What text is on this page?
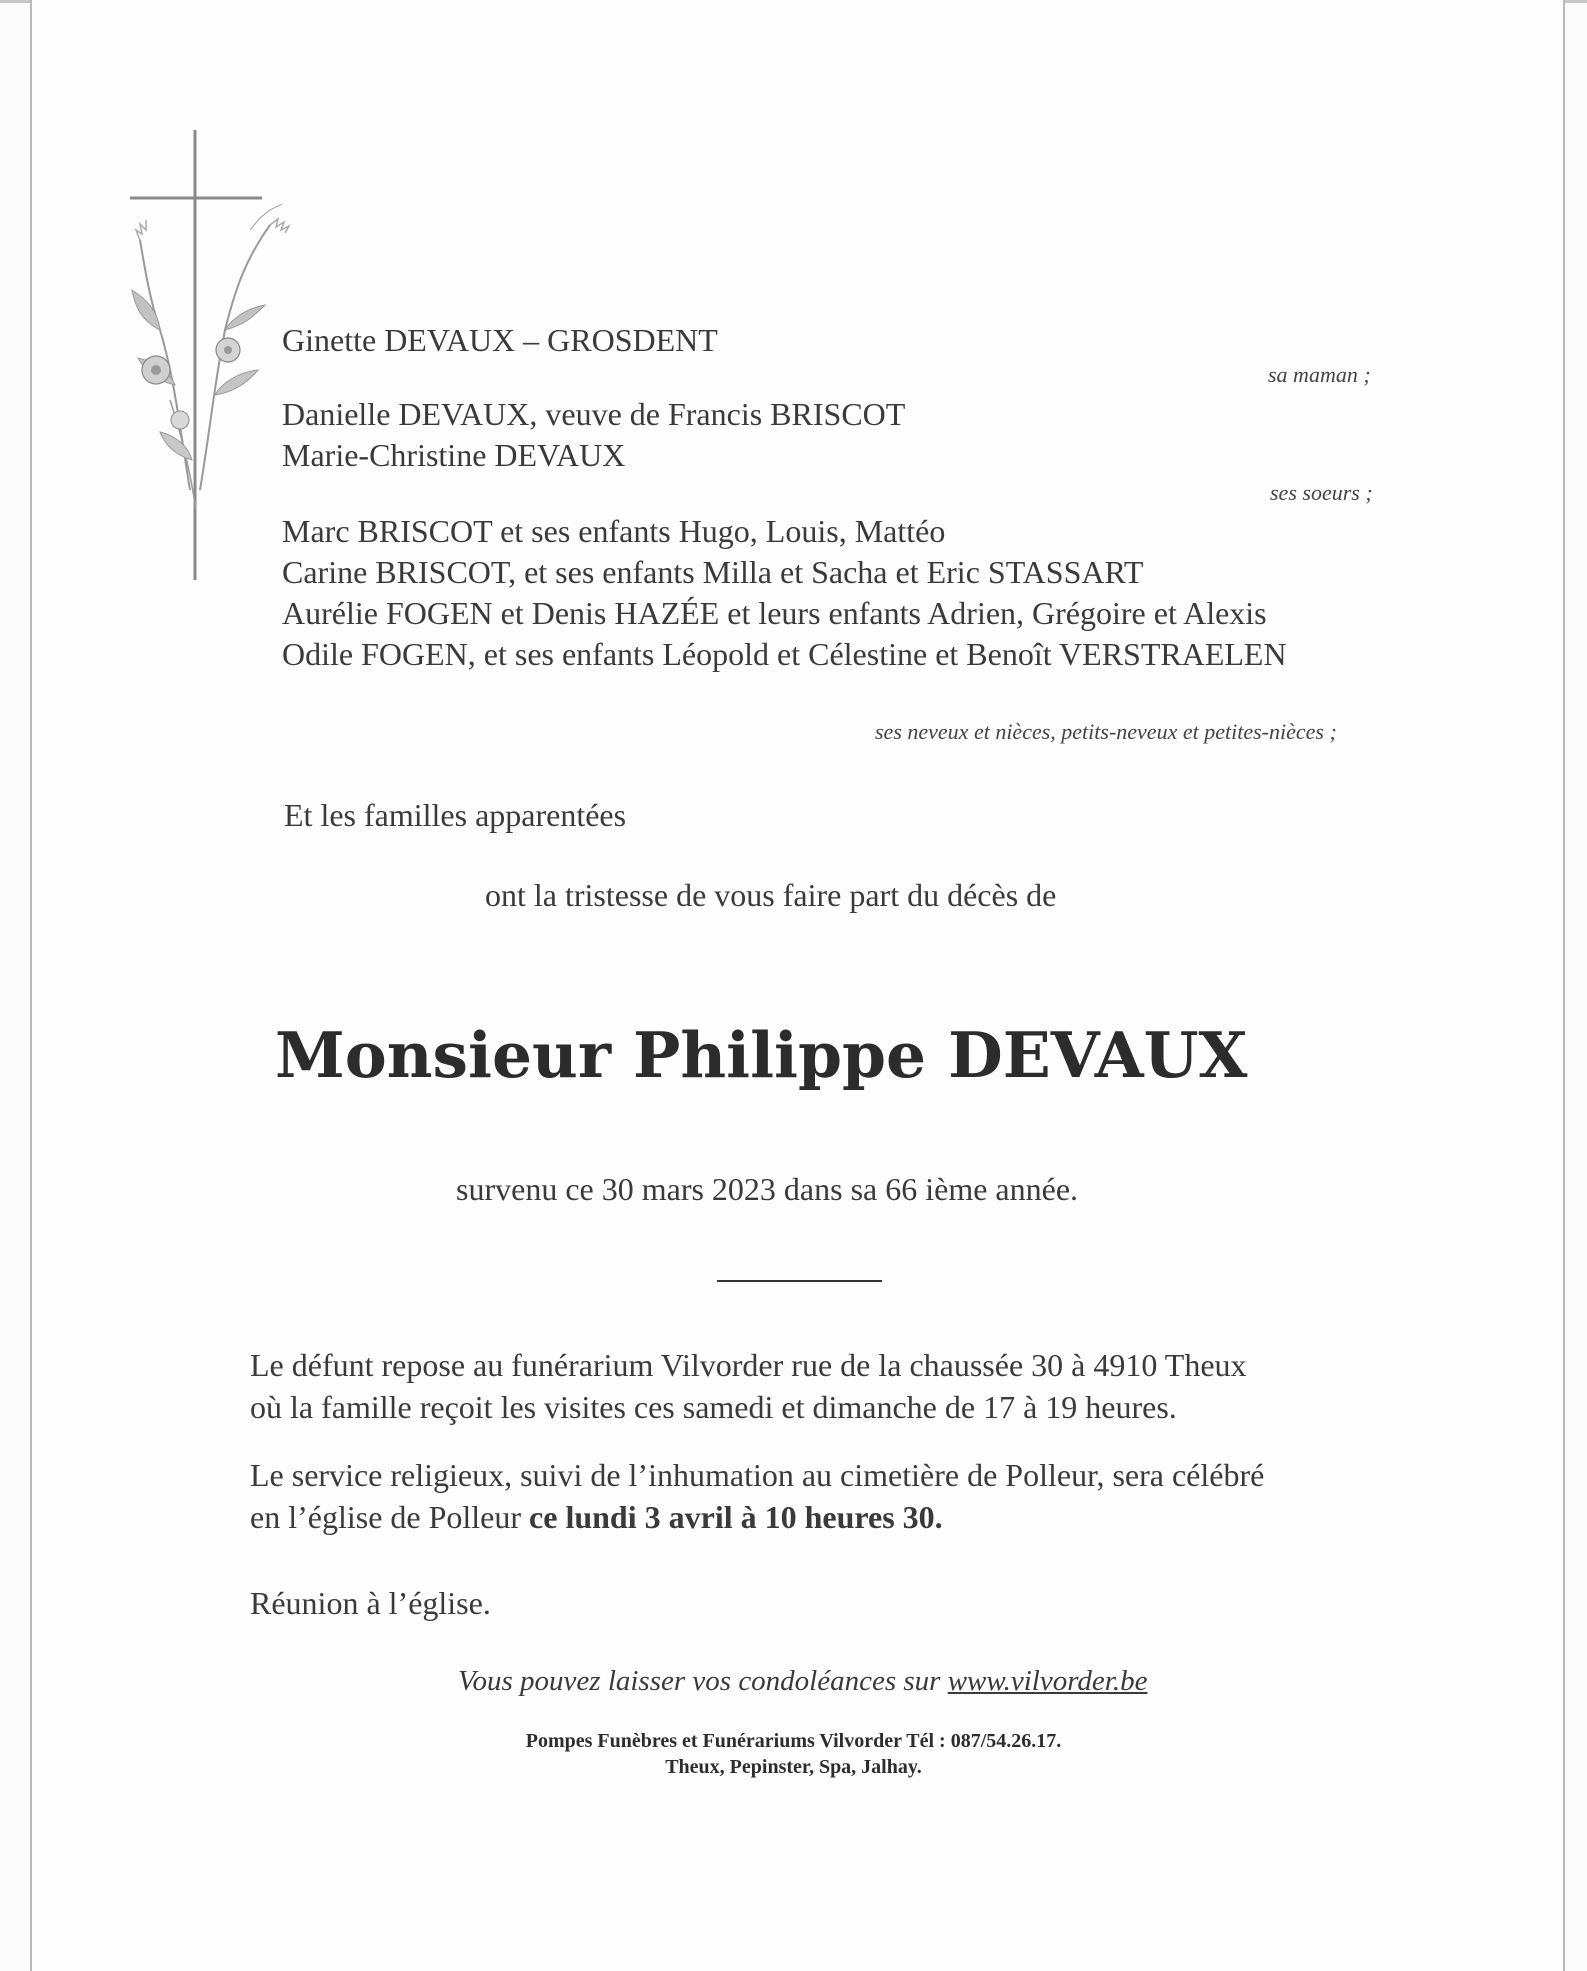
Ginette DEVAUX – GROSDENT
sa maman ;
Danielle DEVAUX, veuve de Francis BRISCOT
Marie-Christine DEVAUX
ses soeurs ;
Marc BRISCOT et ses enfants Hugo, Louis, Mattéo
Carine BRISCOT, et ses enfants Milla et Sacha et Eric STASSART
Aurélie FOGEN et Denis HAZÉE et leurs enfants Adrien, Grégoire et Alexis
Odile FOGEN, et ses enfants Léopold et Célestine et Benoît VERSTRAELEN
ses neveux et nièces, petits-neveux et petites-nièces ;
Et les familles apparentées
ont la tristesse de vous faire part du décès de
Monsieur Philippe DEVAUX
survenu ce 30 mars 2023 dans sa 66 ième année.
Le défunt repose au funérarium Vilvorder rue de la chaussée 30 à 4910 Theux
où la famille reçoit les visites ces samedi et dimanche de 17 à 19 heures.
Le service religieux, suivi de l’inhumation au cimetière de Polleur, sera célébré
en l’église de Polleur ce lundi 3 avril à 10 heures 30.
Réunion à l’église.
Vous pouvez laisser vos condoléances sur www.vilvorder.be
Pompes Funèbres et Funérariums Vilvorder Tél : 087/54.26.17.
Theux, Pepinster, Spa, Jalhay.
